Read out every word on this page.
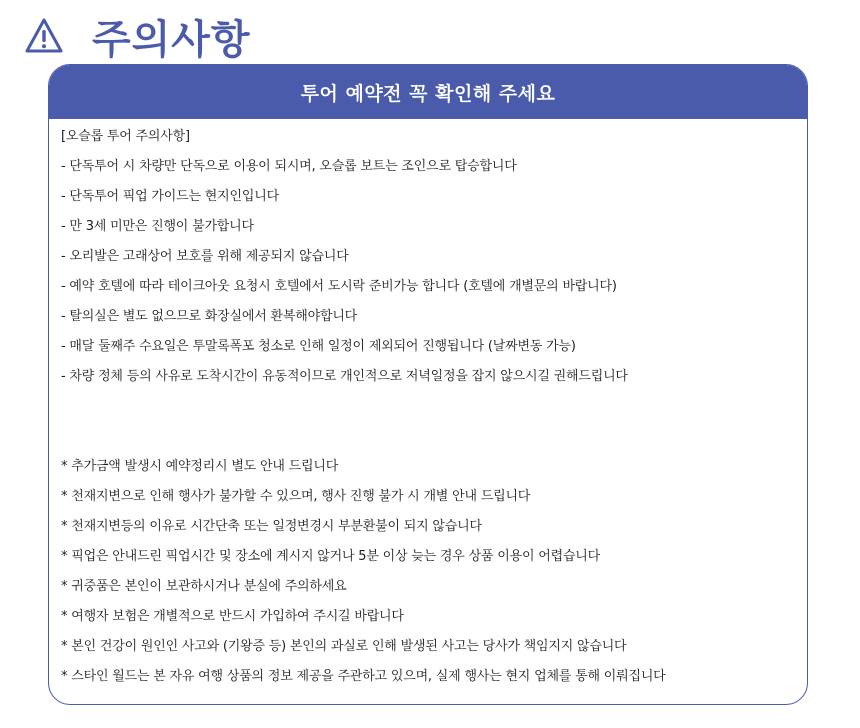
주의사항
투어 예약전 꼭 확인해 주세요
[오슬롭 투어 주의사항]
- 단독투어 시 차량만 단독으로 이용이 되시며, 오슬롭 보트는 조인으로 탑승합니다
- 단독투어 픽업 가이드는 현지인입니다
- 만 3세 미만은 진행이 불가합니다
- 오리발은 고래상어 보호를 위해 제공되지 않습니다
- 예약 호텔에 따라 테이크아웃 요청시 호텔에서 도시락 준비가능 합니다 (호텔에 개별문의 바랍니다)
- 탈의실은 별도 없으므로 화장실에서 환복해야합니다
- 매달 둘째주 수요일은 투말록폭포 청소로 인해 일정이 제외되어 진행됩니다 (날짜변동 가능)
- 차량 정체 등의 사유로 도착시간이 유동적이므로 개인적으로 저녁일정을 잡지 않으시길 권해드립니다
* 추가금액 발생시 예약정리시 별도 안내 드립니다
* 천재지변으로 인해 행사가 불가할 수 있으며, 행사 진행 불가 시 개별 안내 드립니다
* 천재지변등의 이유로 시간단축 또는 일정변경시 부분환불이 되지 않습니다
* 픽업은 안내드린 픽업시간 및 장소에 계시지 않거나 5분 이상 늦는 경우 상품 이용이 어렵습니다
* 귀중품은 본인이 보관하시거나 분실에 주의하세요
* 여행자 보험은 개별적으로 반드시 가입하여 주시길 바랍니다
* 본인 건강이 원인인 사고와 (기왕증 등) 본인의 과실로 인해 발생된 사고는 당사가 책임지지 않습니다
* 스타인 월드는 본 자유 여행 상품의 정보 제공을 주관하고 있으며, 실제 행사는 현지 업체를 통해 이뤄집니다
